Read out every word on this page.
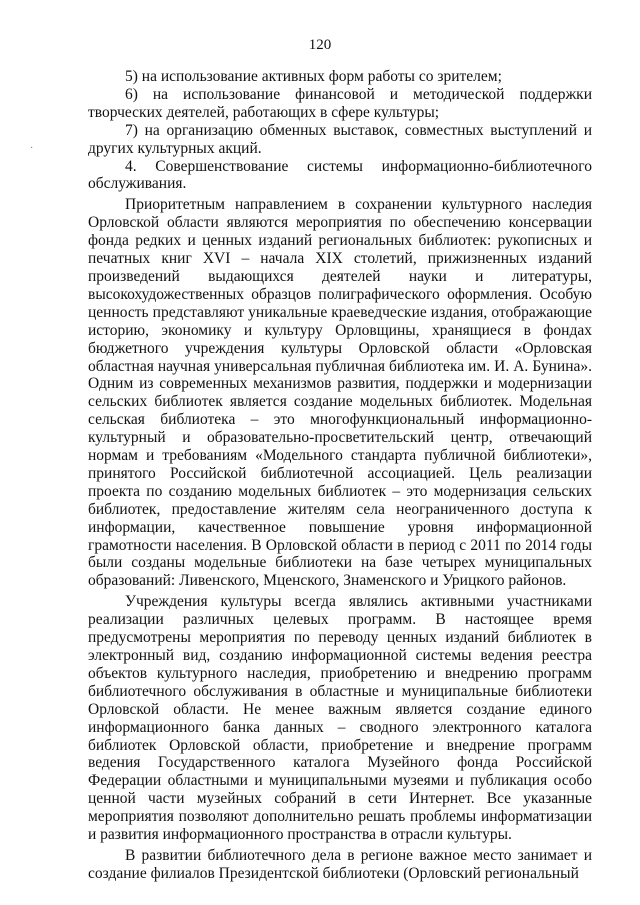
120
·

5) на использование активных форм работы со зрителем;

6) на использование финансовой и методической поддержки творческих деятелей, работающих в сфере культуры;

7) на организацию обменных выставок, совместных выступлений и других культурных акций.

4. Совершенствование системы информационно-библиотечного обслуживания.

Приоритетным направлением в сохранении культурного наследия Орловской области являются мероприятия по обеспечению консервации фонда редких и ценных изданий региональных библиотек: рукописных и печатных книг XVI – начала XIX столетий, прижизненных изданий произведений выдающихся деятелей науки и литературы, высокохудожественных образцов полиграфического оформления. Особую ценность представляют уникальные краеведческие издания, отображающие историю, экономику и культуру Орловщины, хранящиеся в фондах бюджетного учреждения культуры Орловской области «Орловская областная научная универсальная публичная библиотека им. И. А. Бунина». Одним из современных механизмов развития, поддержки и модернизации сельских библиотек является создание модельных библиотек. Модельная сельская библиотека – это многофункциональный информационно-культурный и образовательно-просветительский центр, отвечающий нормам и требованиям «Модельного стандарта публичной библиотеки», принятого Российской библиотечной ассоциацией. Цель реализации проекта по созданию модельных библиотек – это модернизация сельских библиотек, предоставление жителям села неограниченного доступа к информации, качественное повышение уровня информационной грамотности населения. В Орловской области в период с 2011 по 2014 годы были созданы модельные библиотеки на базе четырех муниципальных образований: Ливенского, Мценского, Знаменского и Урицкого районов.

Учреждения культуры всегда являлись активными участниками реализации различных целевых программ. В настоящее время предусмотрены мероприятия по переводу ценных изданий библиотек в электронный вид, созданию информационной системы ведения реестра объектов культурного наследия, приобретению и внедрению программ библиотечного обслуживания в областные и муниципальные библиотеки Орловской области. Не менее важным является создание единого информационного банка данных – сводного электронного каталога библиотек Орловской области, приобретение и внедрение программ ведения Государственного каталога Музейного фонда Российской Федерации областными и муниципальными музеями и публикация особо ценной части музейных собраний в сети Интернет. Все указанные мероприятия позволяют дополнительно решать проблемы информатизации и развития информационного пространства в отрасли культуры.

В развитии библиотечного дела в регионе важное место занимает и создание филиалов Президентской библиотеки (Орловский региональный
